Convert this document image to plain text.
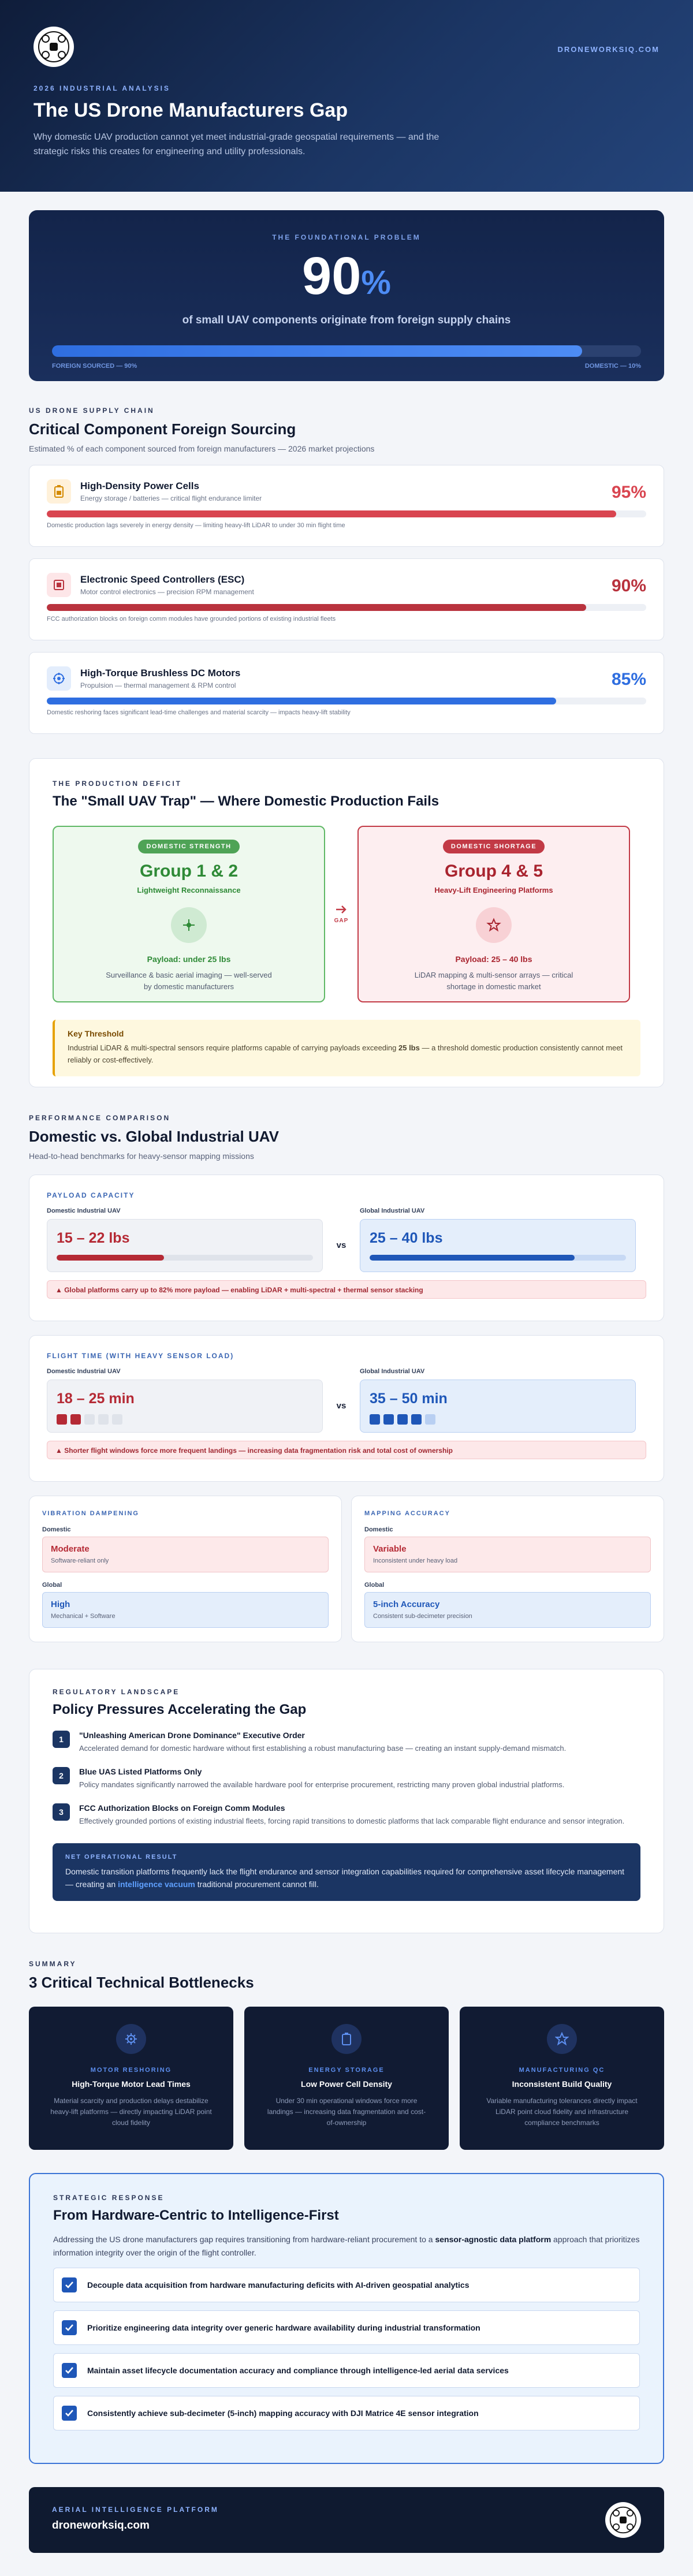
DRONEWORKSIQ.COM
2026 INDUSTRIAL ANALYSIS
The US Drone Manufacturers Gap

Why domestic UAV production cannot yet meet industrial-grade geospatial requirements — and the strategic risks this creates for engineering and utility professionals.

THE FOUNDATIONAL PROBLEM
90%
of small UAV components originate from foreign supply chains
FOREIGN SOURCED — 90%	DOMESTIC — 10%
US DRONE SUPPLY CHAIN
Critical Component Foreign Sourcing
Estimated % of each component sourced from foreign manufacturers — 2026 market projections
High-Density Power Cells
Energy storage / batteries — critical flight endurance limiter	95%
Domestic production lags severely in energy density — limiting heavy-lift LiDAR to under 30 min flight time
Electronic Speed Controllers (ESC)
Motor control electronics — precision RPM management	90%
FCC authorization blocks on foreign comm modules have grounded portions of existing industrial fleets
High-Torque Brushless DC Motors
Propulsion — thermal management & RPM control	85%
Domestic reshoring faces significant lead-time challenges and material scarcity — impacts heavy-lift stability
THE PRODUCTION DEFICIT
The "Small UAV Trap" — Where Domestic Production Fails
DOMESTIC STRENGTH
Group 1 & 2
Lightweight Reconnaissance
Payload: under 25 lbs
Surveillance & basic aerial imaging — well-served by domestic manufacturers
GAP
DOMESTIC SHORTAGE
Group 4 & 5
Heavy-Lift Engineering Platforms
Payload: 25 – 40 lbs
LiDAR mapping & multi-sensor arrays — critical shortage in domestic market
Key Threshold
Industrial LiDAR & multi-spectral sensors require platforms capable of carrying payloads exceeding 25 lbs — a threshold domestic production consistently cannot meet reliably or cost-effectively.
PERFORMANCE COMPARISON
Domestic vs. Global Industrial UAV
Head-to-head benchmarks for heavy-sensor mapping missions
PAYLOAD CAPACITY
Domestic Industrial UAV
15 – 22 lbs	vs
Global Industrial UAV
25 – 40 lbs
▲ Global platforms carry up to 82% more payload — enabling LiDAR + multi-spectral + thermal sensor stacking
FLIGHT TIME (WITH HEAVY SENSOR LOAD)
Domestic Industrial UAV
18 – 25 min	vs
Global Industrial UAV
35 – 50 min
▲ Shorter flight windows force more frequent landings — increasing data fragmentation risk and total cost of ownership
VIBRATION DAMPENING
Domestic
Moderate
Software-reliant only
Global
High
Mechanical + Software
MAPPING ACCURACY
Domestic
Variable
Inconsistent under heavy load
Global
5-inch Accuracy
Consistent sub-decimeter precision
REGULATORY LANDSCAPE
Policy Pressures Accelerating the Gap
1	"Unleashing American Drone Dominance" Executive Order
Accelerated demand for domestic hardware without first establishing a robust manufacturing base — creating an instant supply-demand mismatch.
2	Blue UAS Listed Platforms Only
Policy mandates significantly narrowed the available hardware pool for enterprise procurement, restricting many proven global industrial platforms.
3	FCC Authorization Blocks on Foreign Comm Modules
Effectively grounded portions of existing industrial fleets, forcing rapid transitions to domestic platforms that lack comparable flight endurance and sensor integration.
NET OPERATIONAL RESULT
Domestic transition platforms frequently lack the flight endurance and sensor integration capabilities required for comprehensive asset lifecycle management — creating an intelligence vacuum traditional procurement cannot fill.
SUMMARY
3 Critical Technical Bottlenecks
MOTOR RESHORING
High-Torque Motor Lead Times
Material scarcity and production delays destabilize heavy-lift platforms — directly impacting LiDAR point cloud fidelity
ENERGY STORAGE
Low Power Cell Density
Under 30 min operational windows force more landings — increasing data fragmentation and cost-of-ownership
MANUFACTURING QC
Inconsistent Build Quality
Variable manufacturing tolerances directly impact LiDAR point cloud fidelity and infrastructure compliance benchmarks
STRATEGIC RESPONSE
From Hardware-Centric to Intelligence-First
Addressing the US drone manufacturers gap requires transitioning from hardware-reliant procurement to a sensor-agnostic data platform approach that prioritizes information integrity over the origin of the flight controller.
Decouple data acquisition from hardware manufacturing deficits with AI-driven geospatial analytics
Prioritize engineering data integrity over generic hardware availability during industrial transformation
Maintain asset lifecycle documentation accuracy and compliance through intelligence-led aerial data services
Consistently achieve sub-decimeter (5-inch) mapping accuracy with DJI Matrice 4E sensor integration
AERIAL INTELLIGENCE PLATFORM
droneworksiq.com
